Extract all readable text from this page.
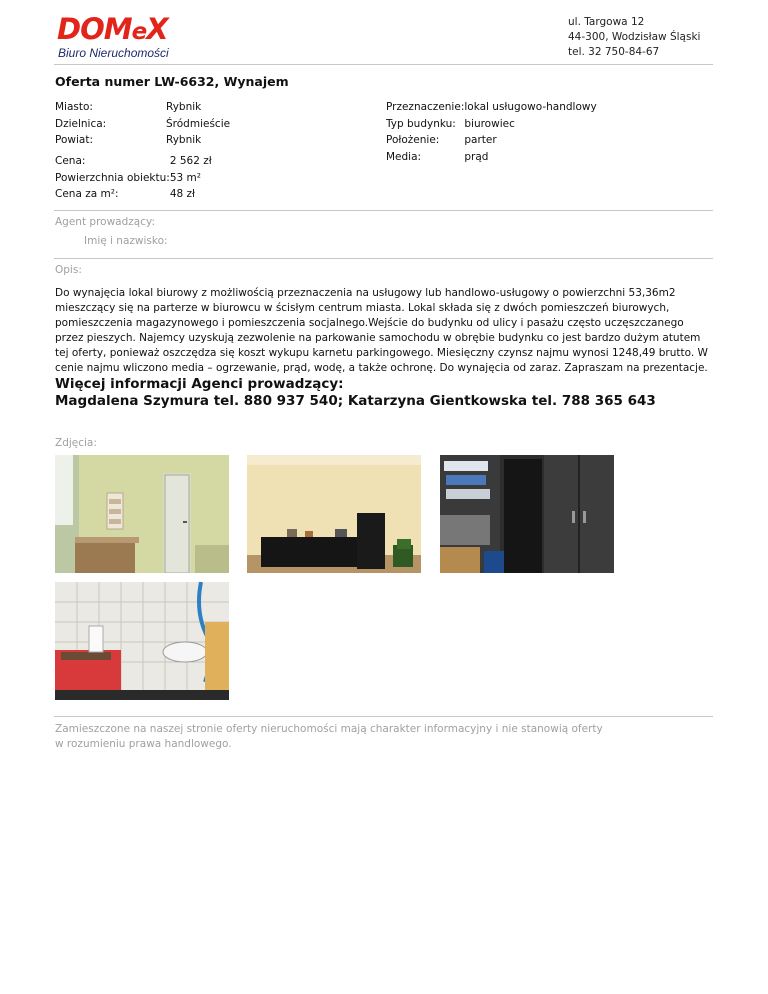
DOMeX
Biuro Nieruchomości
ul. Targowa 12
44-300, Wodzisław Śląski
tel. 32 750-84-67
Oferta numer LW-6632, Wynajem
Miasto:	Rybnik
Dzielnica:	Śródmieście
Powiat:	Rybnik
Cena:	2 562 zł
Powierzchnia obiektu:	53 m²
Cena za m²:	48 zł
Przeznaczenie:	lokal usługowo-handlowy
Typ budynku:	biurowiec
Położenie:	parter
Media:	prąd
Agent prowadzący:
Imię i nazwisko:
Opis:
Do wynajęcia lokal biurowy z możliwością przeznaczenia na usługowy lub handlowo-usługowy o powierzchni 53,36m2 mieszczący się na parterze w biurowcu w ścisłym centrum miasta. Lokal składa się z dwóch pomieszczeń biurowych, pomieszczenia magazynowego i pomieszczenia socjalnego.Wejście do budynku od ulicy i pasażu często uczęszczanego przez pieszych. Najemcy uzyskują zezwolenie na parkowanie samochodu w obrębie budynku co jest bardzo dużym atutem tej oferty, ponieważ oszczędza się koszt wykupu karnetu parkingowego. Miesięczny czynsz najmu wynosi 1248,49 brutto. W cenie najmu wliczono media – ogrzewanie, prąd, wodę, a także ochronę. Do wynajęcia od zaraz. Zapraszam na prezentacje.
Więcej informacji Agenci prowadzący:
Magdalena Szymura tel. 880 937 540; Katarzyna Gientkowska tel. 788 365 643
Zdjęcia:
Zamieszczone na naszej stronie oferty nieruchomości mają charakter informacyjny i nie stanowią oferty
w rozumieniu prawa handlowego.
